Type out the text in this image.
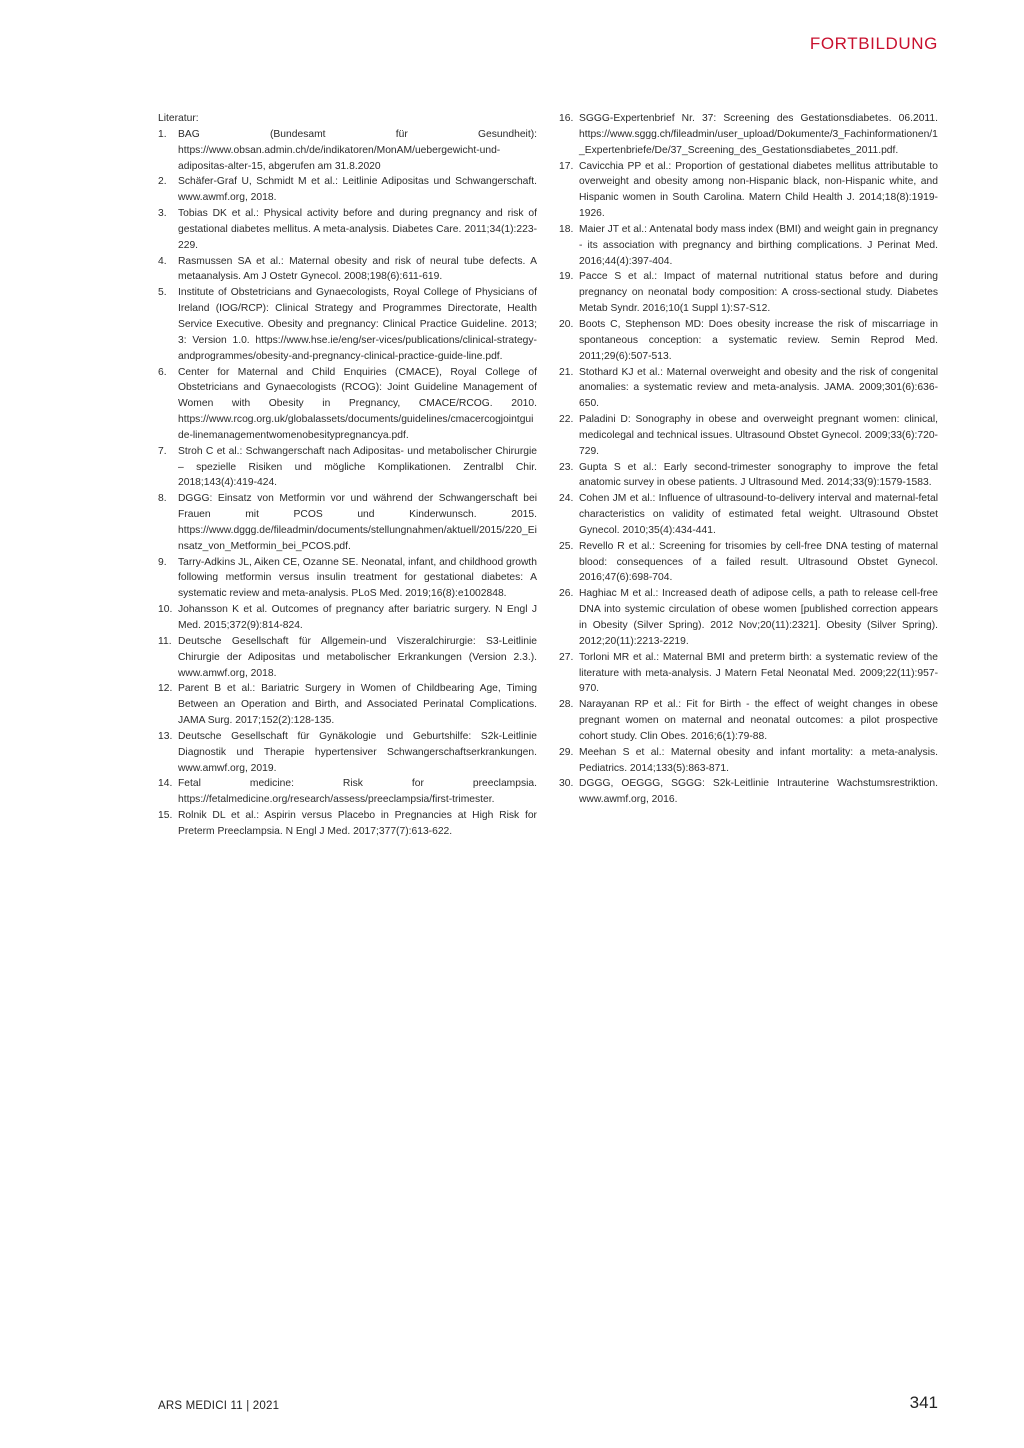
FORTBILDUNG

Literatur:

1. BAG (Bundesamt für Gesundheit): https://www.obsan.admin.ch/de/indikatoren/MonAM/uebergewicht-und-adipositas-alter-15, abgerufen am 31.8.2020
2. Schäfer-Graf U, Schmidt M et al.: Leitlinie Adipositas und Schwangerschaft. www.awmf.org, 2018.
3. Tobias DK et al.: Physical activity before and during pregnancy and risk of gestational diabetes mellitus. A meta-analysis. Diabetes Care. 2011;34(1):223-229.
4. Rasmussen SA et al.: Maternal obesity and risk of neural tube defects. A metaanalysis. Am J Ostetr Gynecol. 2008;198(6):611-619.
5. Institute of Obstetricians and Gynaecologists, Royal College of Physicians of Ireland (IOG/RCP): Clinical Strategy and Programmes Directorate, Health Service Executive. Obesity and pregnancy: Clinical Practice Guideline. 2013; 3: Version 1.0. https://www.hse.ie/eng/ser-vices/publications/clinical-strategy-andprogrammes/obesity-and-pregnancy-clinical-practice-guide-line.pdf.
6. Center for Maternal and Child Enquiries (CMACE), Royal College of Obstetricians and Gynaecologists (RCOG): Joint Guideline Management of Women with Obesity in Pregnancy, CMACE/RCOG. 2010. https://www.rcog.org.uk/globalassets/documents/guidelines/cmacercogjointguide-linemanagementwomenobesitypregnancya.pdf.
7. Stroh C et al.: Schwangerschaft nach Adipositas- und metabolischer Chirurgie – spezielle Risiken und mögliche Komplikationen. Zentralbl Chir. 2018;143(4):419-424.
8. DGGG: Einsatz von Metformin vor und während der Schwangerschaft bei Frauen mit PCOS und Kinderwunsch. 2015. https://www.dggg.de/fileadmin/documents/stellungnahmen/aktuell/2015/220_Einsatz_von_Metformin_bei_PCOS.pdf.
9. Tarry-Adkins JL, Aiken CE, Ozanne SE. Neonatal, infant, and childhood growth following metformin versus insulin treatment for gestational diabetes: A systematic review and meta-analysis. PLoS Med. 2019;16(8):e1002848.
10. Johansson K et al. Outcomes of pregnancy after bariatric surgery. N Engl J Med. 2015;372(9):814-824.
11. Deutsche Gesellschaft für Allgemein-und Viszeralchirurgie: S3-Leitlinie Chirurgie der Adipositas und metabolischer Erkrankungen (Version 2.3.). www.amwf.org, 2018.
12. Parent B et al.: Bariatric Surgery in Women of Childbearing Age, Timing Between an Operation and Birth, and Associated Perinatal Complications. JAMA Surg. 2017;152(2):128-135.
13. Deutsche Gesellschaft für Gynäkologie und Geburtshilfe: S2k-Leitlinie Diagnostik und Therapie hypertensiver Schwangerschaftserkrankungen. www.amwf.org, 2019.
14. Fetal medicine: Risk for preeclampsia. https://fetalmedicine.org/research/assess/preeclampsia/first-trimester.
15. Rolnik DL et al.: Aspirin versus Placebo in Pregnancies at High Risk for Preterm Preeclampsia. N Engl J Med. 2017;377(7):613-622.
16. SGGG-Expertenbrief Nr. 37: Screening des Gestationsdiabetes. 06.2011. https://www.sggg.ch/fileadmin/user_upload/Dokumente/3_Fachinformationen/1_Expertenbriefe/De/37_Screening_des_Gestationsdiabetes_2011.pdf.
17. Cavicchia PP et al.: Proportion of gestational diabetes mellitus attributable to overweight and obesity among non-Hispanic black, non-Hispanic white, and Hispanic women in South Carolina. Matern Child Health J. 2014;18(8):1919-1926.
18. Maier JT et al.: Antenatal body mass index (BMI) and weight gain in pregnancy - its association with pregnancy and birthing complications. J Perinat Med. 2016;44(4):397-404.
19. Pacce S et al.: Impact of maternal nutritional status before and during pregnancy on neonatal body composition: A cross-sectional study. Diabetes Metab Syndr. 2016;10(1 Suppl 1):S7-S12.
20. Boots C, Stephenson MD: Does obesity increase the risk of miscarriage in spontaneous conception: a systematic review. Semin Reprod Med. 2011;29(6):507-513.
21. Stothard KJ et al.: Maternal overweight and obesity and the risk of congenital anomalies: a systematic review and meta-analysis. JAMA. 2009;301(6):636-650.
22. Paladini D: Sonography in obese and overweight pregnant women: clinical, medicolegal and technical issues. Ultrasound Obstet Gynecol. 2009;33(6):720-729.
23. Gupta S et al.: Early second-trimester sonography to improve the fetal anatomic survey in obese patients. J Ultrasound Med. 2014;33(9):1579-1583.
24. Cohen JM et al.: Influence of ultrasound-to-delivery interval and maternal-fetal characteristics on validity of estimated fetal weight. Ultrasound Obstet Gynecol. 2010;35(4):434-441.
25. Revello R et al.: Screening for trisomies by cell-free DNA testing of maternal blood: consequences of a failed result. Ultrasound Obstet Gynecol. 2016;47(6):698-704.
26. Haghiac M et al.: Increased death of adipose cells, a path to release cell-free DNA into systemic circulation of obese women [published correction appears in Obesity (Silver Spring). 2012 Nov;20(11):2321]. Obesity (Silver Spring). 2012;20(11):2213-2219.
27. Torloni MR et al.: Maternal BMI and preterm birth: a systematic review of the literature with meta-analysis. J Matern Fetal Neonatal Med. 2009;22(11):957-970.
28. Narayanan RP et al.: Fit for Birth - the effect of weight changes in obese pregnant women on maternal and neonatal outcomes: a pilot prospective cohort study. Clin Obes. 2016;6(1):79-88.
29. Meehan S et al.: Maternal obesity and infant mortality: a meta-analysis. Pediatrics. 2014;133(5):863-871.
30. DGGG, OEGGG, SGGG: S2k-Leitlinie Intrauterine Wachstumsrestriktion. www.awmf.org, 2016.
ARS MEDICI 11 | 2021	341
